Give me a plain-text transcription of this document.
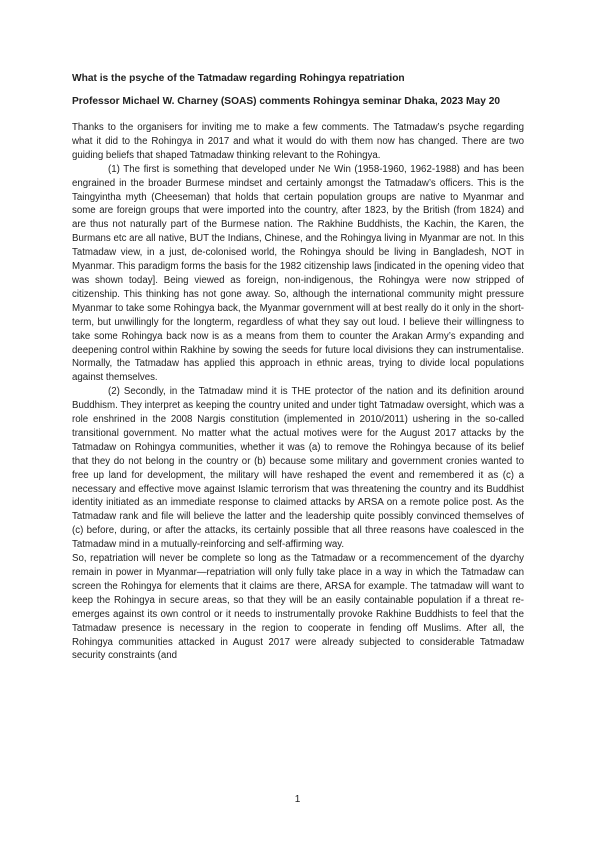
What is the psyche of the Tatmadaw regarding Rohingya repatriation
Professor Michael W. Charney (SOAS) comments Rohingya seminar Dhaka, 2023 May 20

Thanks to the organisers for inviting me to make a few comments. The Tatmadaw’s psyche regarding what it did to the Rohingya in 2017 and what it would do with them now has changed. There are two guiding beliefs that shaped Tatmadaw thinking relevant to the Rohingya.

(1) The first is something that developed under Ne Win (1958-1960, 1962-1988) and has been engrained in the broader Burmese mindset and certainly amongst the Tatmadaw’s officers. This is the Taingyintha myth (Cheeseman) that holds that certain population groups are native to Myanmar and some are foreign groups that were imported into the country, after 1823, by the British (from 1824) and are thus not naturally part of the Burmese nation. The Rakhine Buddhists, the Kachin, the Karen, the Burmans etc are all native, BUT the Indians, Chinese, and the Rohingya living in Myanmar are not. In this Tatmadaw view, in a just, de-colonised world, the Rohingya should be living in Bangladesh, NOT in Myanmar. This paradigm forms the basis for the 1982 citizenship laws [indicated in the opening video that was shown today]. Being viewed as foreign, non-indigenous, the Rohingya were now stripped of citizenship. This thinking has not gone away. So, although the international community might pressure Myanmar to take some Rohingya back, the Myanmar government will at best really do it only in the short-term, but unwillingly for the longterm, regardless of what they say out loud. I believe their willingness to take some Rohingya back now is as a means from them to counter the Arakan Army’s expanding and deepening control within Rakhine by sowing the seeds for future local divisions they can instrumentalise. Normally, the Tatmadaw has applied this approach in ethnic areas, trying to divide local populations against themselves.

(2) Secondly, in the Tatmadaw mind it is THE protector of the nation and its definition around Buddhism. They interpret as keeping the country united and under tight Tatmadaw oversight, which was a role enshrined in the 2008 Nargis constitution (implemented in 2010/2011) ushering in the so-called transitional government. No matter what the actual motives were for the August 2017 attacks by the Tatmadaw on Rohingya communities, whether it was (a) to remove the Rohingya because of its belief that they do not belong in the country or (b) because some military and government cronies wanted to free up land for development, the military will have reshaped the event and remembered it as (c) a necessary and effective move against Islamic terrorism that was threatening the country and its Buddhist identity initiated as an immediate response to claimed attacks by ARSA on a remote police post. As the Tatmadaw rank and file will believe the latter and the leadership quite possibly convinced themselves of (c) before, during, or after the attacks, its certainly possible that all three reasons have coalesced in the Tatmadaw mind in a mutually-reinforcing and self-affirming way.

So, repatriation will never be complete so long as the Tatmadaw or a recommencement of the dyarchy remain in power in Myanmar—repatriation will only fully take place in a way in which the Tatmadaw can screen the Rohingya for elements that it claims are there, ARSA for example. The tatmadaw will want to keep the Rohingya in secure areas, so that they will be an easily containable population if a threat re-emerges against its own control or it needs to instrumentally provoke Rakhine Buddhists to feel that the Tatmadaw presence is necessary in the region to cooperate in fending off Muslims. After all, the Rohingya communities attacked in August 2017 were already subjected to considerable Tatmadaw security constraints (and

1
